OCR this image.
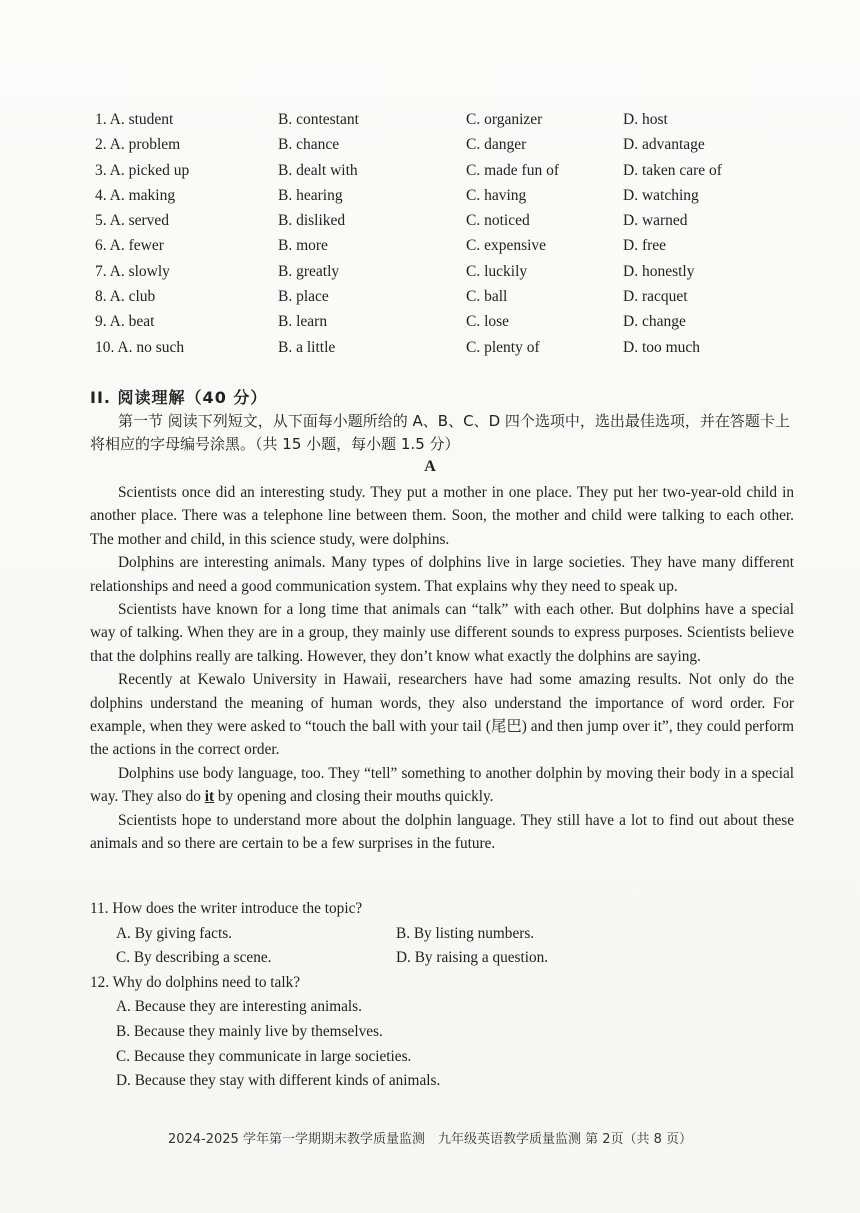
1. A. student	B. contestant	C. organizer	D. host
2. A. problem	B. chance	C. danger	D. advantage
3. A. picked up	B. dealt with	C. made fun of	D. taken care of
4. A. making	B. hearing	C. having	D. watching
5. A. served	B. disliked	C. noticed	D. warned
6. A. fewer	B. more	C. expensive	D. free
7. A. slowly	B. greatly	C. luckily	D. honestly
8. A. club	B. place	C. ball	D. racquet
9. A. beat	B. learn	C. lose	D. change
10. A. no such	B. a little	C. plenty of	D. too much
II. 阅读理解（40 分）
第一节 阅读下列短文，从下面每小题所给的 A、B、C、D 四个选项中，选出最佳选项，并在答题卡上将相应的字母编号涂黑。（共 15 小题，每小题 1.5 分）
A

Scientists once did an interesting study. They put a mother in one place. They put her two-year-old child in another place. There was a telephone line between them. Soon, the mother and child were talking to each other. The mother and child, in this science study, were dolphins.

Dolphins are interesting animals. Many types of dolphins live in large societies. They have many different relationships and need a good communication system. That explains why they need to speak up.

Scientists have known for a long time that animals can “talk” with each other. But dolphins have a special way of talking. When they are in a group, they mainly use different sounds to express purposes. Scientists believe that the dolphins really are talking. However, they don’t know what exactly the dolphins are saying.

Recently at Kewalo University in Hawaii, researchers have had some amazing results. Not only do the dolphins understand the meaning of human words, they also understand the importance of word order. For example, when they were asked to “touch the ball with your tail (尾巴) and then jump over it”, they could perform the actions in the correct order.

Dolphins use body language, too. They “tell” something to another dolphin by moving their body in a special way. They also do it by opening and closing their mouths quickly.

Scientists hope to understand more about the dolphin language. They still have a lot to find out about these animals and so there are certain to be a few surprises in the future.

11. How does the writer introduce the topic?

A. By giving facts.	B. By listing numbers.
C. By describing a scene.	D. By raising a question.

12. Why do dolphins need to talk?

A. Because they are interesting animals.

B. Because they mainly live by themselves.

C. Because they communicate in large societies.

D. Because they stay with different kinds of animals.

2024-2025 学年第一学期期末教学质量监测　九年级英语教学质量监测 第 2页（共 8 页）
